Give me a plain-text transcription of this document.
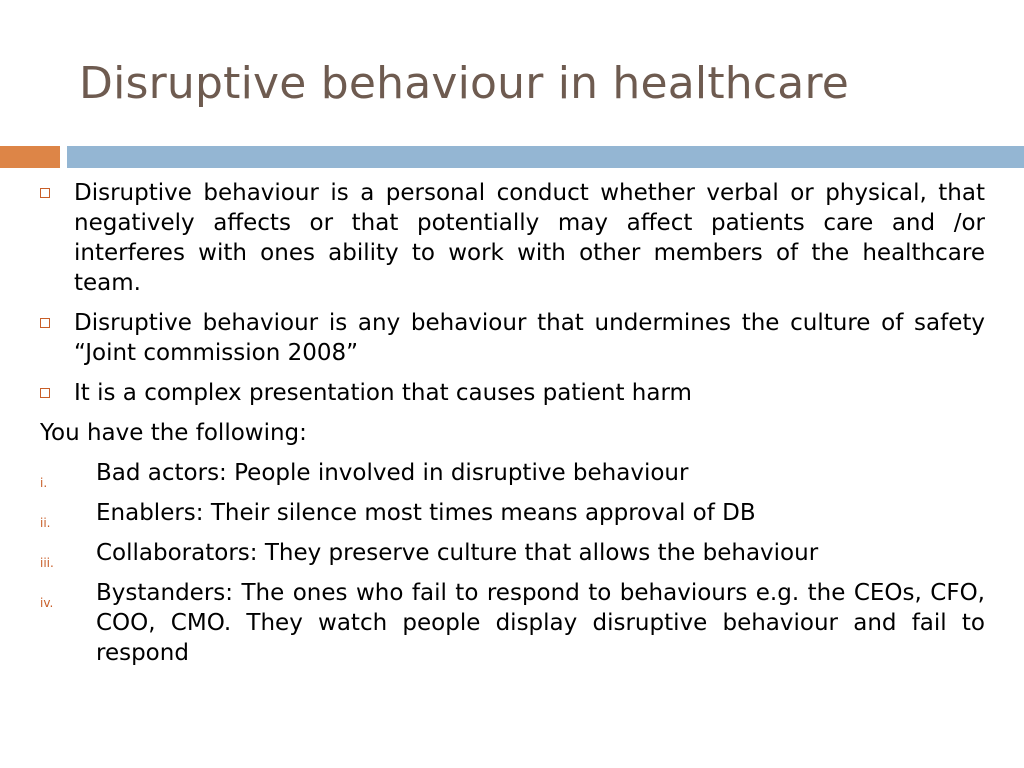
Disruptive behaviour in healthcare
Disruptive behaviour is a personal conduct whether verbal or physical, that negatively affects or that potentially may affect patients care and /or interferes with ones ability to work with other members of the healthcare team.
Disruptive behaviour is any behaviour that undermines the culture of safety “Joint commission 2008”
It is a complex presentation that causes patient harm
You have the following:
i. Bad actors: People involved in disruptive behaviour
ii. Enablers: Their silence most times means approval of DB
iii. Collaborators: They preserve culture that allows the behaviour
iv. Bystanders: The ones who fail to respond to behaviours e.g. the CEOs, CFO, COO, CMO. They watch people display disruptive behaviour and fail to respond
